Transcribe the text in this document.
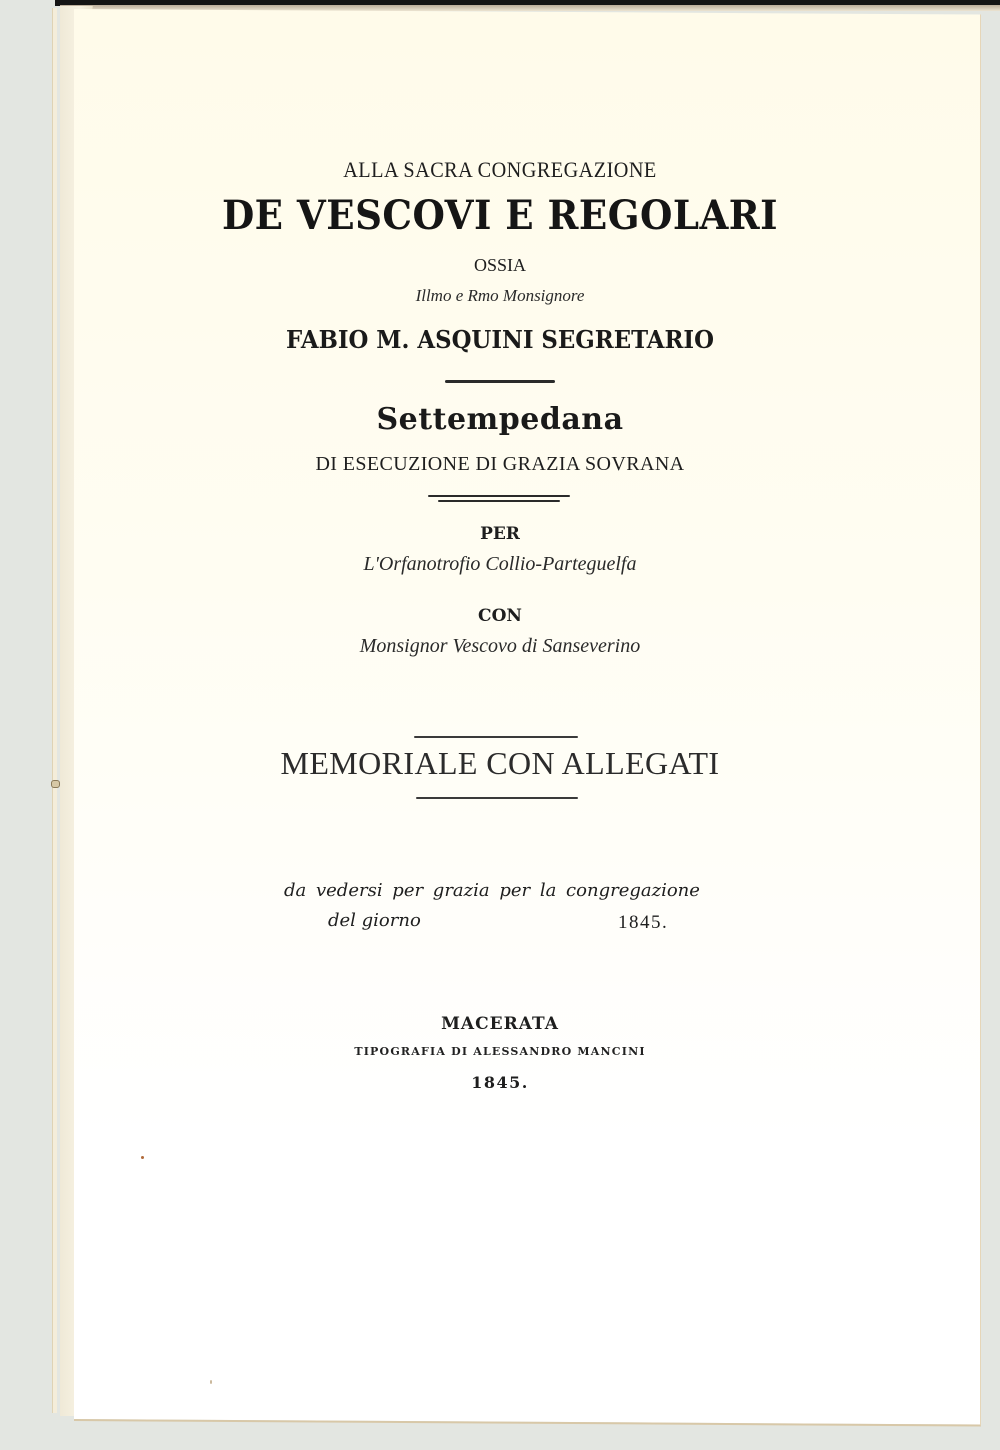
ALLA SACRA CONGREGAZIONE
DE VESCOVI E REGOLARI
OSSIA
Illmo e Rmo Monsignore
FABIO M. ASQUINI SEGRETARIO
Settempedana
DI ESECUZIONE DI GRAZIA SOVRANA
PER
L'Orfanotrofio Collio-Parteguelfa
CON
Monsignor Vescovo di Sanseverino
MEMORIALE CON ALLEGATI
da vedersi per grazia per la congregazione
del giorno	1845.
MACERATA
TIPOGRAFIA DI ALESSANDRO MANCINI
1845.
